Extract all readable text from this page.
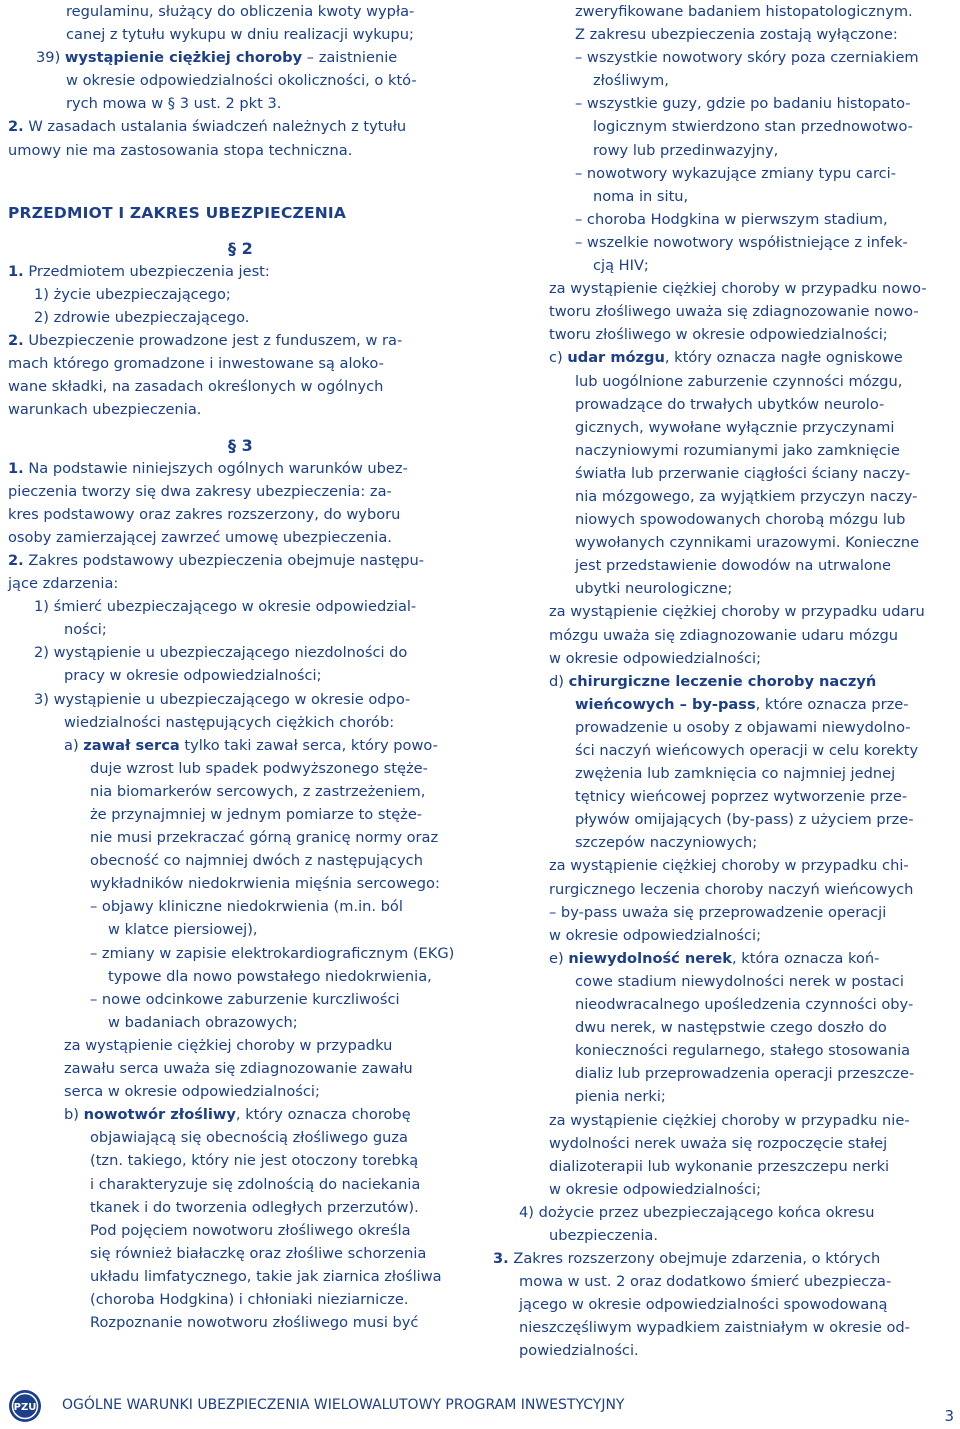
regulaminu, służący do obliczenia kwoty wypła-
canej z tytułu wykupu w dniu realizacji wykupu;
39) wystąpienie ciężkiej choroby – zaistnienie
w okresie odpowiedzialności okoliczności, o któ-
rych mowa w § 3 ust. 2 pkt 3.
2. W zasadach ustalania świadczeń należnych z tytułu
umowy nie ma zastosowania stopa techniczna.
PRZEDMIOT I ZAKRES UBEZPIECZENIA
§ 2
1. Przedmiotem ubezpieczenia jest:
1) życie ubezpieczającego;
2) zdrowie ubezpieczającego.
2. Ubezpieczenie prowadzone jest z funduszem, w ra-
mach którego gromadzone i inwestowane są aloko-
wane składki, na zasadach określonych w ogólnych
warunkach ubezpieczenia.
§ 3
1. Na podstawie niniejszych ogólnych warunków ubez-
pieczenia tworzy się dwa zakresy ubezpieczenia: za-
kres podstawowy oraz zakres rozszerzony, do wyboru
osoby zamierzającej zawrzeć umowę ubezpieczenia.
2. Zakres podstawowy ubezpieczenia obejmuje następu-
jące zdarzenia:
1) śmierć ubezpieczającego w okresie odpowiedzial-
ności;
2) wystąpienie u ubezpieczającego niezdolności do
pracy w okresie odpowiedzialności;
3) wystąpienie u ubezpieczającego w okresie odpo-
wiedzialności następujących ciężkich chorób:
a) zawał serca tylko taki zawał serca, który powo-
duje wzrost lub spadek podwyższonego stęże-
nia biomarkerów sercowych, z zastrzeżeniem,
że przynajmniej w jednym pomiarze to stęże-
nie musi przekraczać górną granicę normy oraz
obecność co najmniej dwóch z następujących
wykładników niedokrwienia mięśnia sercowego:
– objawy kliniczne niedokrwienia (m.in. ból
w klatce piersiowej),
– zmiany w zapisie elektrokardiograficznym (EKG)
typowe dla nowo powstałego niedokrwienia,
– nowe odcinkowe zaburzenie kurczliwości
w badaniach obrazowych;
za wystąpienie ciężkiej choroby w przypadku
zawału serca uważa się zdiagnozowanie zawału
serca w okresie odpowiedzialności;
b) nowotwór złośliwy, który oznacza chorobę
objawiającą się obecnością złośliwego guza
(tzn. takiego, który nie jest otoczony torebką
i charakteryzuje się zdolnością do naciekania
tkanek i do tworzenia odległych przerzutów).
Pod pojęciem nowotworu złośliwego określa
się również białaczkę oraz złośliwe schorzenia
układu limfatycznego, takie jak ziarnica złośliwa
(choroba Hodgkina) i chłoniaki nieziarnicze.
Rozpoznanie nowotworu złośliwego musi być
zweryfikowane badaniem histopatologicznym.
Z zakresu ubezpieczenia zostają wyłączone:
– wszystkie nowotwory skóry poza czerniakiem
złośliwym,
– wszystkie guzy, gdzie po badaniu histopato-
logicznym stwierdzono stan przednowotwo-
rowy lub przedinwazyjny,
– nowotwory wykazujące zmiany typu carci-
noma in situ,
– choroba Hodgkina w pierwszym stadium,
– wszelkie nowotwory współistniejące z infek-
cją HIV;
za wystąpienie ciężkiej choroby w przypadku nowo-
tworu złośliwego uważa się zdiagnozowanie nowo-
tworu złośliwego w okresie odpowiedzialności;
c) udar mózgu, który oznacza nagłe ogniskowe
lub uogólnione zaburzenie czynności mózgu,
prowadzące do trwałych ubytków neurolo-
gicznych, wywołane wyłącznie przyczynami
naczyniowymi rozumianymi jako zamknięcie
światła lub przerwanie ciągłości ściany naczy-
nia mózgowego, za wyjątkiem przyczyn naczy-
niowych spowodowanych chorobą mózgu lub
wywołanych czynnikami urazowymi. Konieczne
jest przedstawienie dowodów na utrwalone
ubytki neurologiczne;
za wystąpienie ciężkiej choroby w przypadku udaru
mózgu uważa się zdiagnozowanie udaru mózgu
w okresie odpowiedzialności;
d) chirurgiczne leczenie choroby naczyń
wieńcowych – by-pass, które oznacza prze-
prowadzenie u osoby z objawami niewydolno-
ści naczyń wieńcowych operacji w celu korekty
zwężenia lub zamknięcia co najmniej jednej
tętnicy wieńcowej poprzez wytworzenie prze-
pływów omijających (by-pass) z użyciem prze-
szczepów naczyniowych;
za wystąpienie ciężkiej choroby w przypadku chi-
rurgicznego leczenia choroby naczyń wieńcowych
– by-pass uważa się przeprowadzenie operacji
w okresie odpowiedzialności;
e) niewydolność nerek, która oznacza koń-
cowe stadium niewydolności nerek w postaci
nieodwracalnego upośledzenia czynności oby-
dwu nerek, w następstwie czego doszło do
konieczności regularnego, stałego stosowania
dializ lub przeprowadzenia operacji przeszcze-
pienia nerki;
za wystąpienie ciężkiej choroby w przypadku nie-
wydolności nerek uważa się rozpoczęcie stałej
dializoterapii lub wykonanie przeszczepu nerki
w okresie odpowiedzialności;
4) dożycie przez ubezpieczającego końca okresu
ubezpieczenia.
3. Zakres rozszerzony obejmuje zdarzenia, o których
mowa w ust. 2 oraz dodatkowo śmierć ubezpiecza-
jącego w okresie odpowiedzialności spowodowaną
nieszczęśliwym wypadkiem zaistniałym w okresie od-
powiedzialności.
PZU OGÓLNE WARUNKI UBEZPIECZENIA WIELOWALUTOWY PROGRAM INWESTYCYJNY
3
